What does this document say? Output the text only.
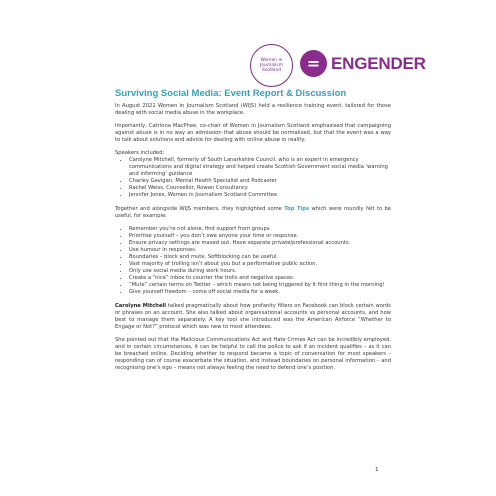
Women in Journalism Scotland	= ENGENDER
Surviving Social Media: Event Report & Discussion

In August 2021 Women in Journalism Scotland (WIJS) held a resilience training event, tailored for those dealing with social media abuse in the workplace.

Importantly, Catriona MacPhee, co-chair of Women in Journalism Scotland emphasised that campaigning against abuse is in no way an admission that abuse should be normalised, but that the event was a way to talk about solutions and advice for dealing with online abuse in reality.

Speakers included:

• Carolyne Mitchell, formerly of South Lanarkshire Council, who is an expert in emergency communications and digital strategy and helped create Scottish Government social media ‘warning and informing’ guidance
• Charley Gavigan, Mental Health Specialist and Podcaster
• Rachel Weiss, Counsellor, Rowan Consultancy
• Jennifer Jones, Women in Journalism Scotland Committee

Together and alongside WIJS members, they highlighted some Top Tips which were roundly felt to be useful, for example:

• Remember you’re not alone, find support from groups.
• Prioritise yourself – you don’t owe anyone your time or response.
• Ensure privacy settings are maxed out. Have separate private/professional accounts.
• Use humour in responses.
• Boundaries – block and mute. Softblocking can be useful.
• Vast majority of trolling isn’t about you but a performative public action.
• Only use social media during work hours.
• Create a “nice” inbox to counter the trolls and negative spaces.
• “Mute” certain terms on Twitter – which means not being triggered by it first thing in the morning!
• Give yourself freedom – come off social media for a week.

Carolyne Mitchell talked pragmatically about how profanity filters on Facebook can block certain words or phrases on an account. She also talked about organisational accounts vs personal accounts, and how best to manage them separately. A key tool she introduced was the American Airforce “Whether to Engage or Not?” protocol which was new to most attendees.

She pointed out that the Malicious Communications Act and Hate Crimes Act can be incredibly employed, and in certain circumstances, it can be helpful to call the police to ask if an incident qualifies – as it can be breached online. Deciding whether to respond became a topic of conversation for most speakers – responding can of course exacerbate the situation, and instead boundaries on personal information – and recognising one’s ego – means not always feeling the need to defend one’s position.

1
